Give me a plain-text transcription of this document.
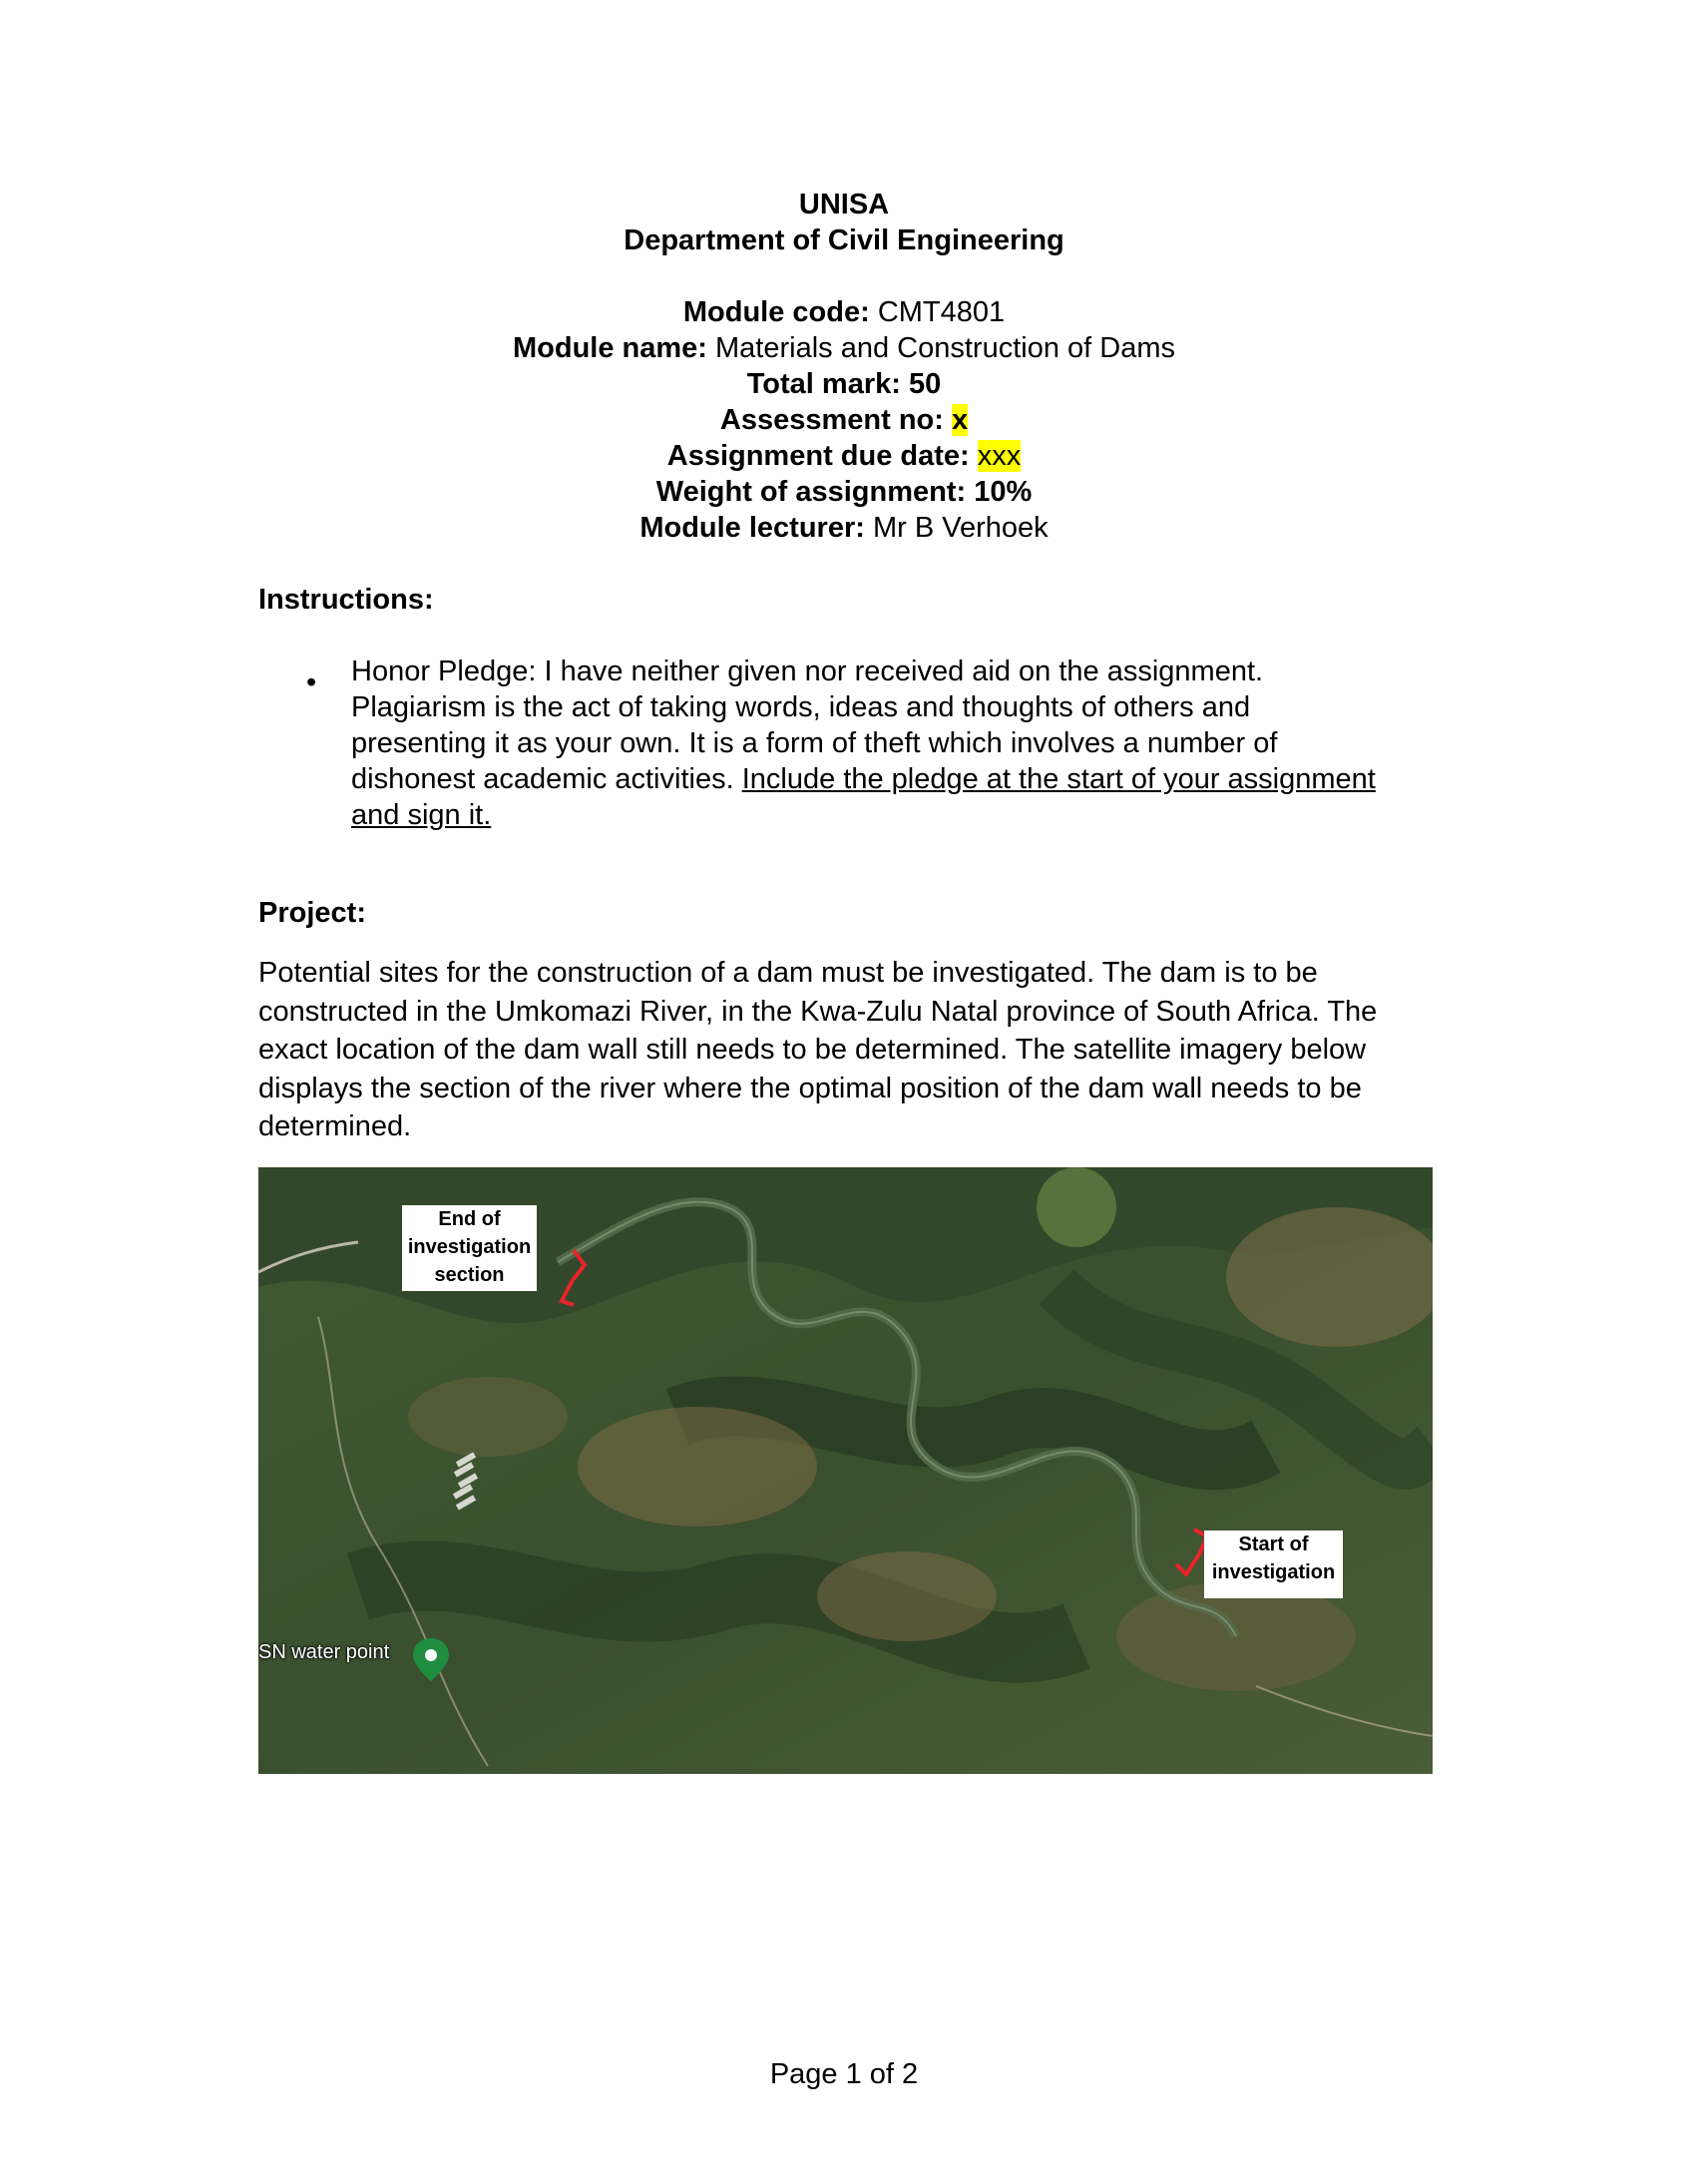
UNISA
Department of Civil Engineering
Module code: CMT4801
Module name: Materials and Construction of Dams
Total mark: 50
Assessment no: x
Assignment due date: xxx
Weight of assignment: 10%
Module lecturer: Mr B Verhoek
Instructions:
• Honor Pledge: I have neither given nor received aid on the assignment. Plagiarism is the act of taking words, ideas and thoughts of others and presenting it as your own. It is a form of theft which involves a number of dishonest academic activities. Include the pledge at the start of your assignment and sign it.
Project:
Potential sites for the construction of a dam must be investigated. The dam is to be constructed in the Umkomazi River, in the Kwa-Zulu Natal province of South Africa. The exact location of the dam wall still needs to be determined. The satellite imagery below displays the section of the river where the optimal position of the dam wall needs to be determined.
End of
investigation
section
Start of
investigation
SN water point
Page 1 of 2
